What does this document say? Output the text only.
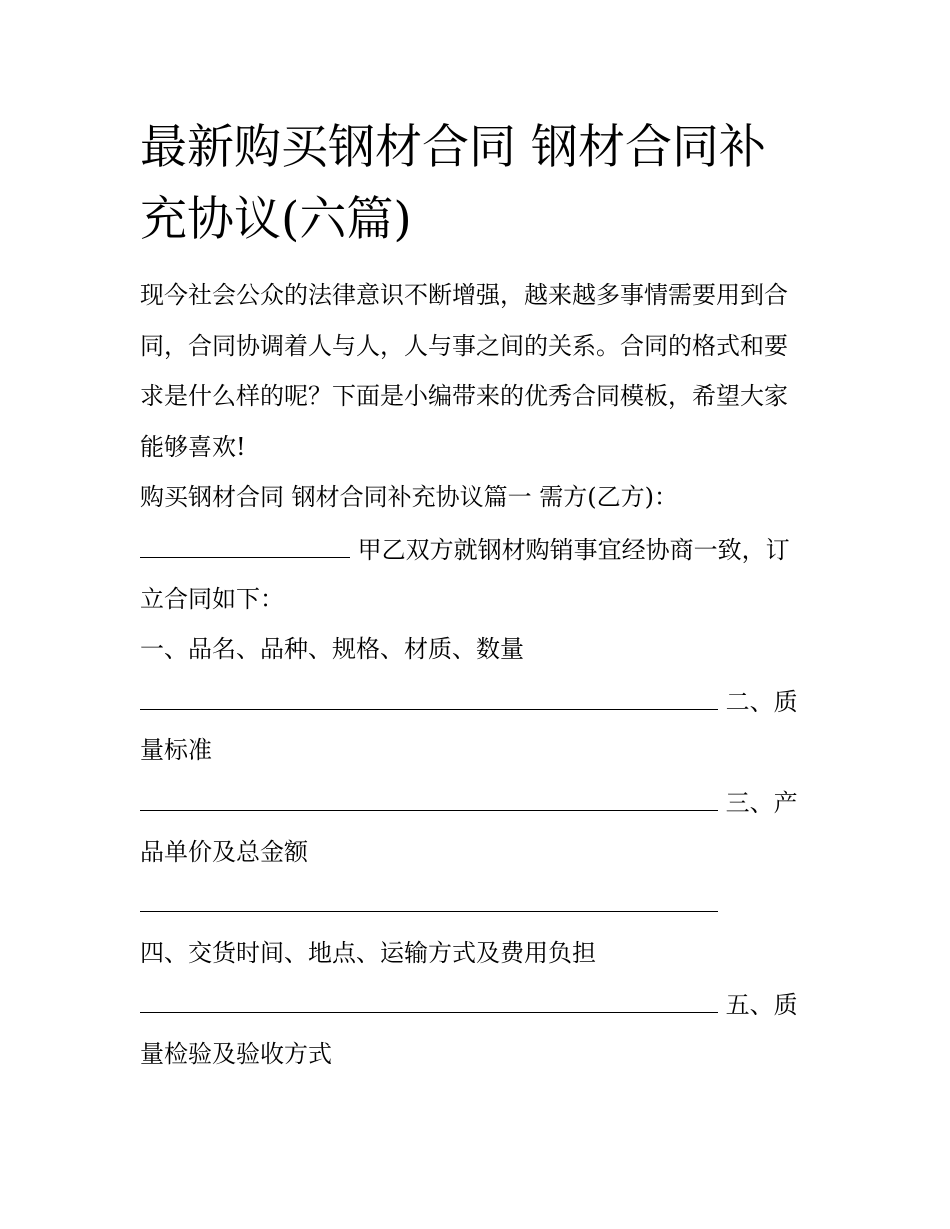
最新购买钢材合同 钢材合同补
充协议(六篇)
现今社会公众的法律意识不断增强，越来越多事情需要用到合
同，合同协调着人与人，人与事之间的关系。合同的格式和要
求是什么样的呢？下面是小编带来的优秀合同模板，希望大家
能够喜欢!
购买钢材合同 钢材合同补充协议篇一 需方(乙方)：
甲乙双方就钢材购销事宜经协商一致，订
立合同如下：
一、品名、品种、规格、材质、数量
二、质
量标准
三、产
品单价及总金额
四、交货时间、地点、运输方式及费用负担
五、质
量检验及验收方式
